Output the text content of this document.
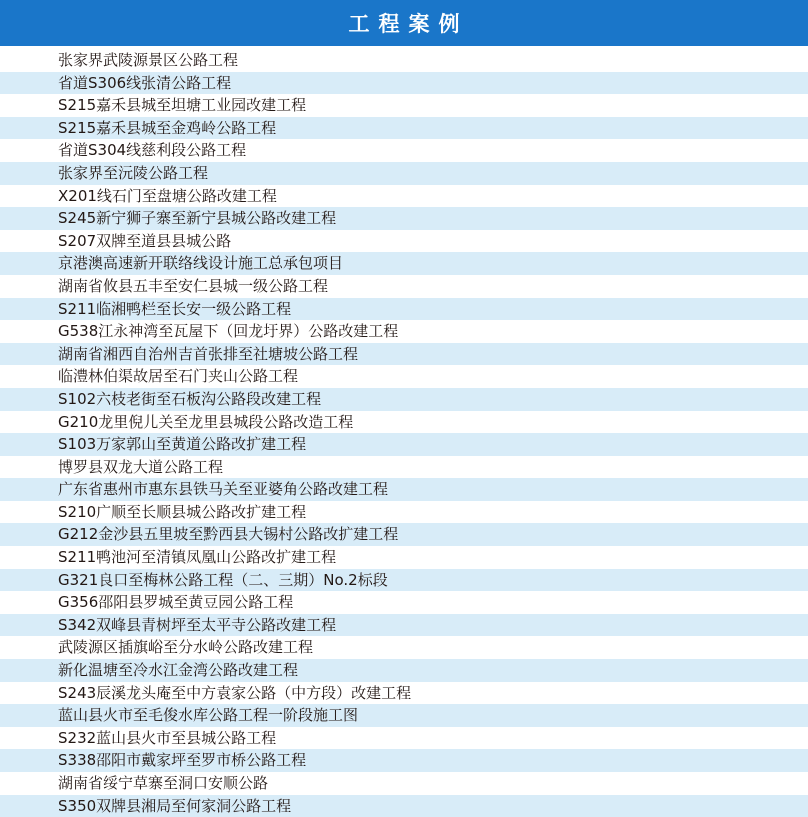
工程案例
张家界武陵源景区公路工程
省道S306线张清公路工程
S215嘉禾县城至坦塘工业园改建工程
S215嘉禾县城至金鸡岭公路工程
省道S304线慈利段公路工程
张家界至沅陵公路工程
X201线石门至盘塘公路改建工程
S245新宁狮子寨至新宁县城公路改建工程
S207双牌至道县县城公路
京港澳高速新开联络线设计施工总承包项目
湖南省攸县五丰至安仁县城一级公路工程
S211临湘鸭栏至长安一级公路工程
G538江永神湾至瓦屋下（回龙圩界）公路改建工程
湖南省湘西自治州吉首张排至社塘坡公路工程
临澧林伯渠故居至石门夹山公路工程
S102六枝老街至石板沟公路段改建工程
G210龙里倪儿关至龙里县城段公路改造工程
S103万家郭山至黄道公路改扩建工程
博罗县双龙大道公路工程
广东省惠州市惠东县铁马关至亚婆角公路改建工程
S210广顺至长顺县城公路改扩建工程
G212金沙县五里坡至黔西县大锡村公路改扩建工程
S211鸭池河至清镇凤凰山公路改扩建工程
G321良口至梅林公路工程（二、三期）No.2标段
G356邵阳县罗城至黄豆园公路工程
S342双峰县青树坪至太平寺公路改建工程
武陵源区插旗峪至分水岭公路改建工程
新化温塘至冷水江金湾公路改建工程
S243辰溪龙头庵至中方袁家公路（中方段）改建工程
蓝山县火市至毛俊水库公路工程一阶段施工图
S232蓝山县火市至县城公路工程
S338邵阳市戴家坪至罗市桥公路工程
湖南省绥宁草寨至洞口安顺公路
S350双牌县湘局至何家洞公路工程
